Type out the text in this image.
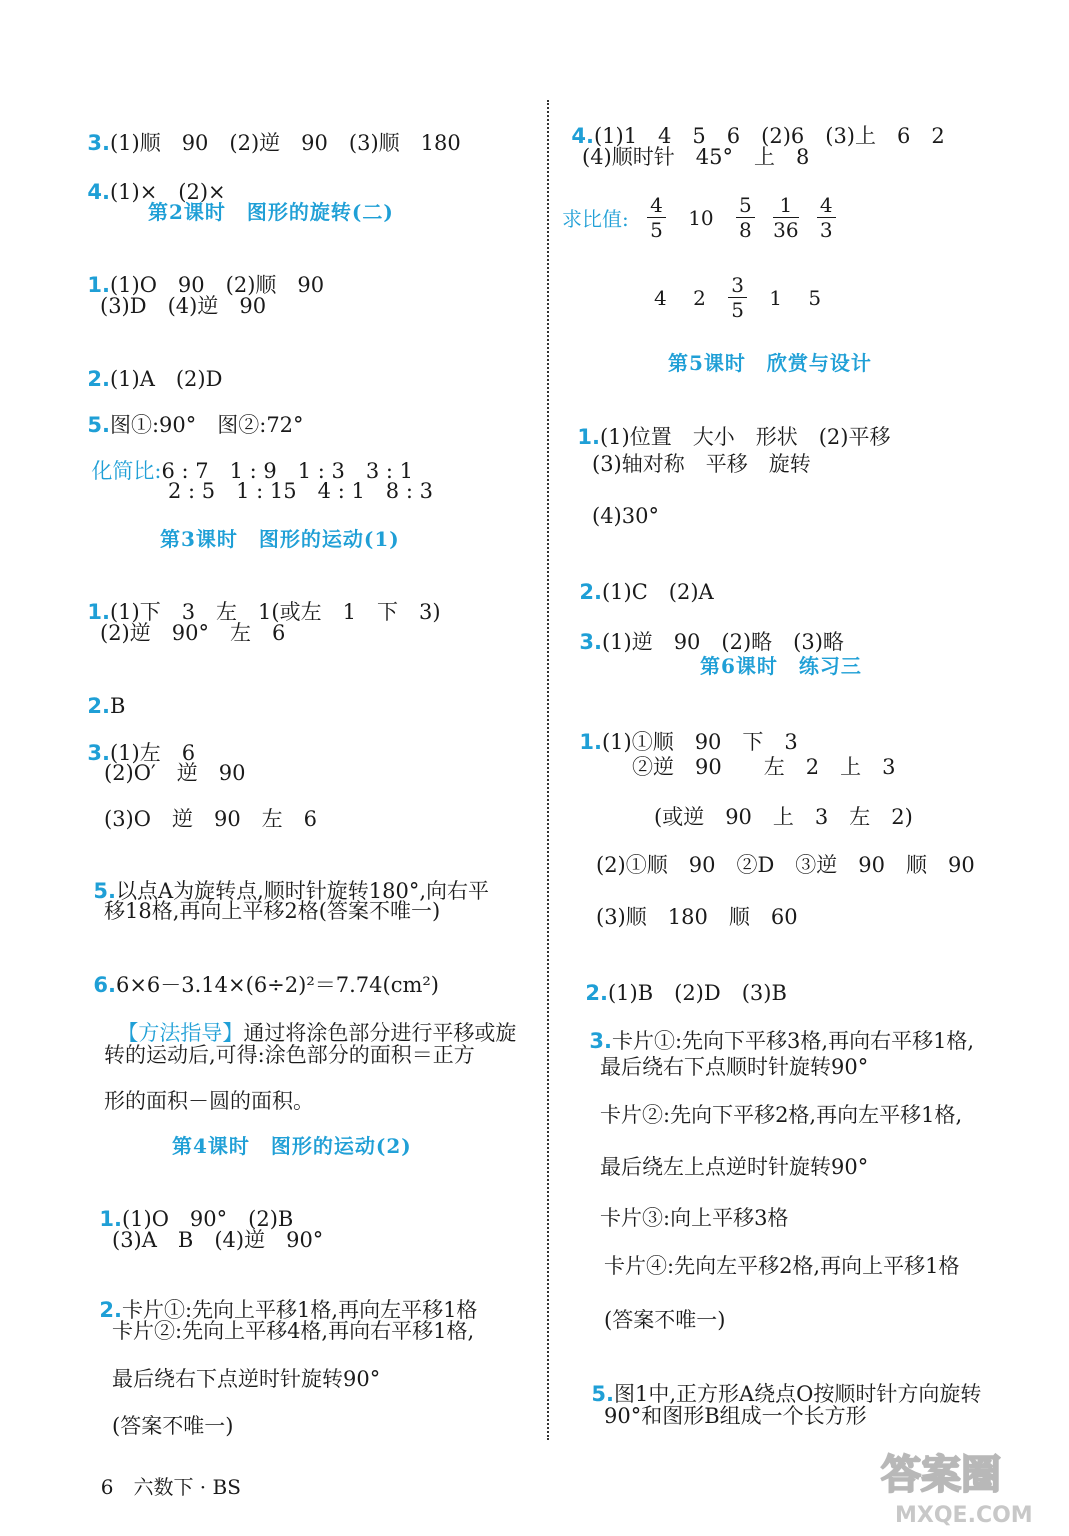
3.(1)顺　90　(2)逆　90　(3)顺　180

4.(1)×　(2)×
第2课时　图形的旋转(二)

1.(1)O　90　(2)顺　90
(3)D　(4)逆　90

2.(1)A　(2)D

5.图①:90°　图②:72°

化简比:6 : 7　1 : 9　1 : 3　3 : 1
2 : 5　1 : 15　4 : 1　8 : 3
第3课时　图形的运动(1)

1.(1)下　3　左　1(或左　1　下　3)
(2)逆　90°　左　6

2.B

3.(1)左　6
(2)O′　逆　90
(3)O　逆　90　左　6

5.以点A为旋转点,顺时针旋转180°,向右平
移18格,再向上平移2格(答案不唯一)

6.6×6－3.14×(6÷2)²＝7.74(cm²)

【方法指导】通过将涂色部分进行平移或旋
转的运动后,可得:涂色部分的面积＝正方
形的面积－圆的面积。
第4课时　图形的运动(2)

1.(1)O　90°　(2)B
(3)A　B　(4)逆　90°

2.卡片①:先向上平移1格,再向左平移1格
卡片②:先向上平移4格,再向右平移1格,
最后绕右下点逆时针旋转90°
(答案不唯一)

4.(1)1　4　5　6　(2)6　(3)上　6　2
(4)顺时针　45°　上　8
求比值: $\frac{4}{5} 10 \frac{5}{8}$
$\frac{1}{36}$
$\frac{4}{3}$
4 $2 \frac{3}{5} 1$ 5
第5课时　欣赏与设计

1.(1)位置　大小　形状　(2)平移
(3)轴对称　平移　旋转
(4)30°

2.(1)C　(2)A

3.(1)逆　90　(2)略　(3)略
第6课时　练习三

1.(1)①顺　90　下　3
②逆　90　　左　2　上　3
(或逆　90　上　3　左　2)
(2)①顺　90　②D　③逆　90　顺　90
(3)顺　180　顺　60

2.(1)B　(2)D　(3)B

3.卡片①:先向下平移3格,再向右平移1格,
最后绕右下点顺时针旋转90°
卡片②:先向下平移2格,再向左平移1格,
最后绕左上点逆时针旋转90°
卡片③:向上平移3格
卡片④:先向左平移2格,再向上平移1格
(答案不唯一)

5.图1中,正方形A绕点O按顺时针方向旋转
90°和图形B组成一个长方形

6　 六数下 · BS	答案圈
MXQE.COM
